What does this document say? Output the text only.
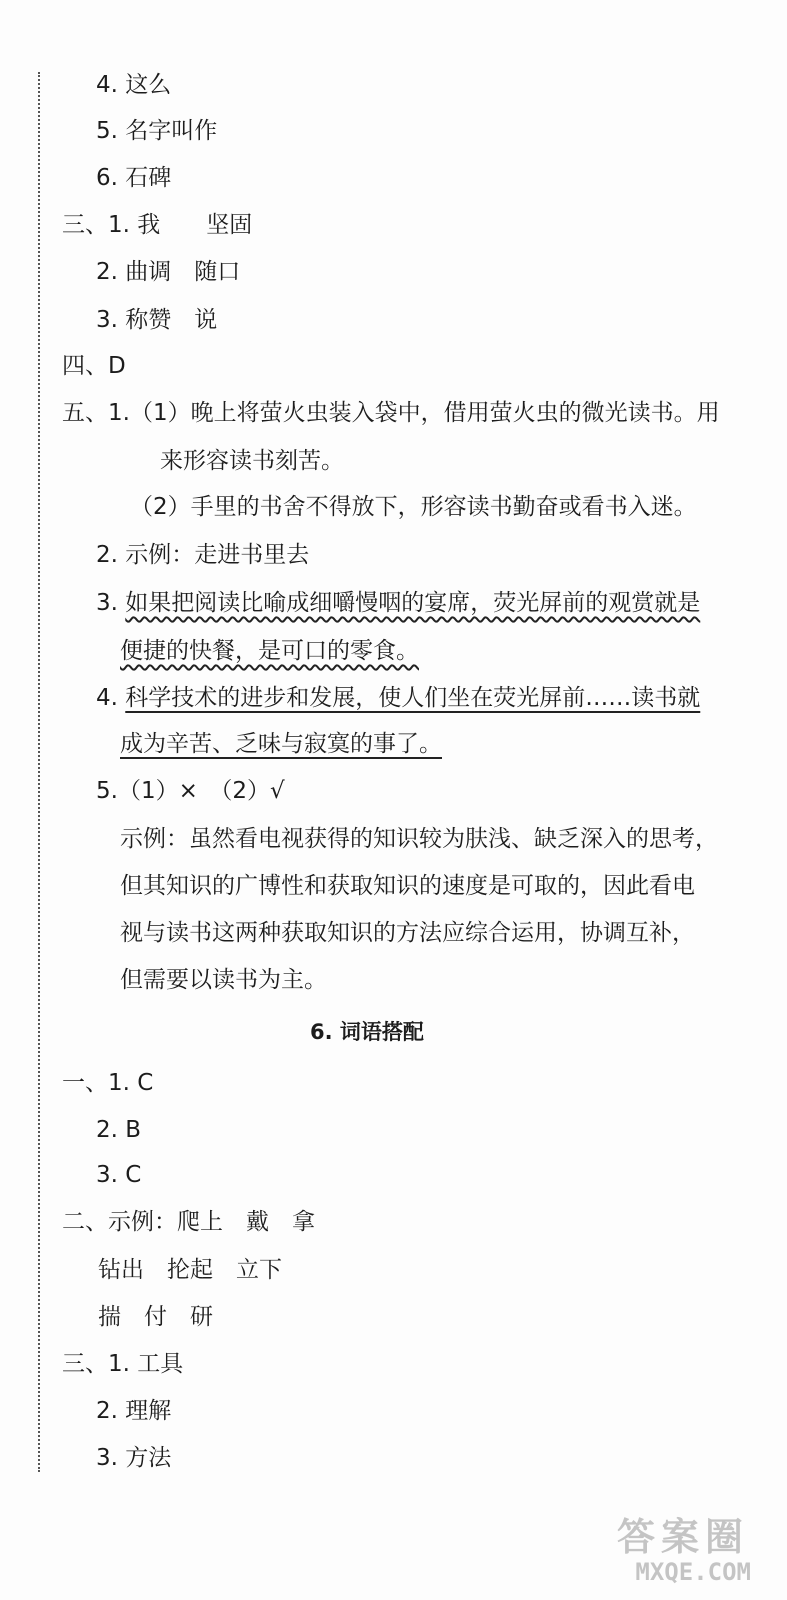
4. 这么
5. 名字叫作
6. 石碑
三、1. 我　　坚固
2. 曲调　随口
3. 称赞　说
四、D
五、1.（1）晚上将萤火虫装入袋中，借用萤火虫的微光读书。用
来形容读书刻苦。
（2）手里的书舍不得放下，形容读书勤奋或看书入迷。
2. 示例：走进书里去
3. 如果把阅读比喻成细嚼慢咽的宴席，荧光屏前的观赏就是
便捷的快餐，是可口的零食。
4. 科学技术的进步和发展，使人们坐在荧光屏前……读书就
成为辛苦、乏味与寂寞的事了。
5.（1）×　（2）√
示例：虽然看电视获得的知识较为肤浅、缺乏深入的思考，
但其知识的广博性和获取知识的速度是可取的，因此看电
视与读书这两种获取知识的方法应综合运用，协调互补，
但需要以读书为主。
6. 词语搭配
一、1. C
2. B
3. C
二、示例：爬上　戴　拿
钻出　抡起　立下
揣　付　研
三、1. 工具
2. 理解
3. 方法
答案圈
MXQE.COM
